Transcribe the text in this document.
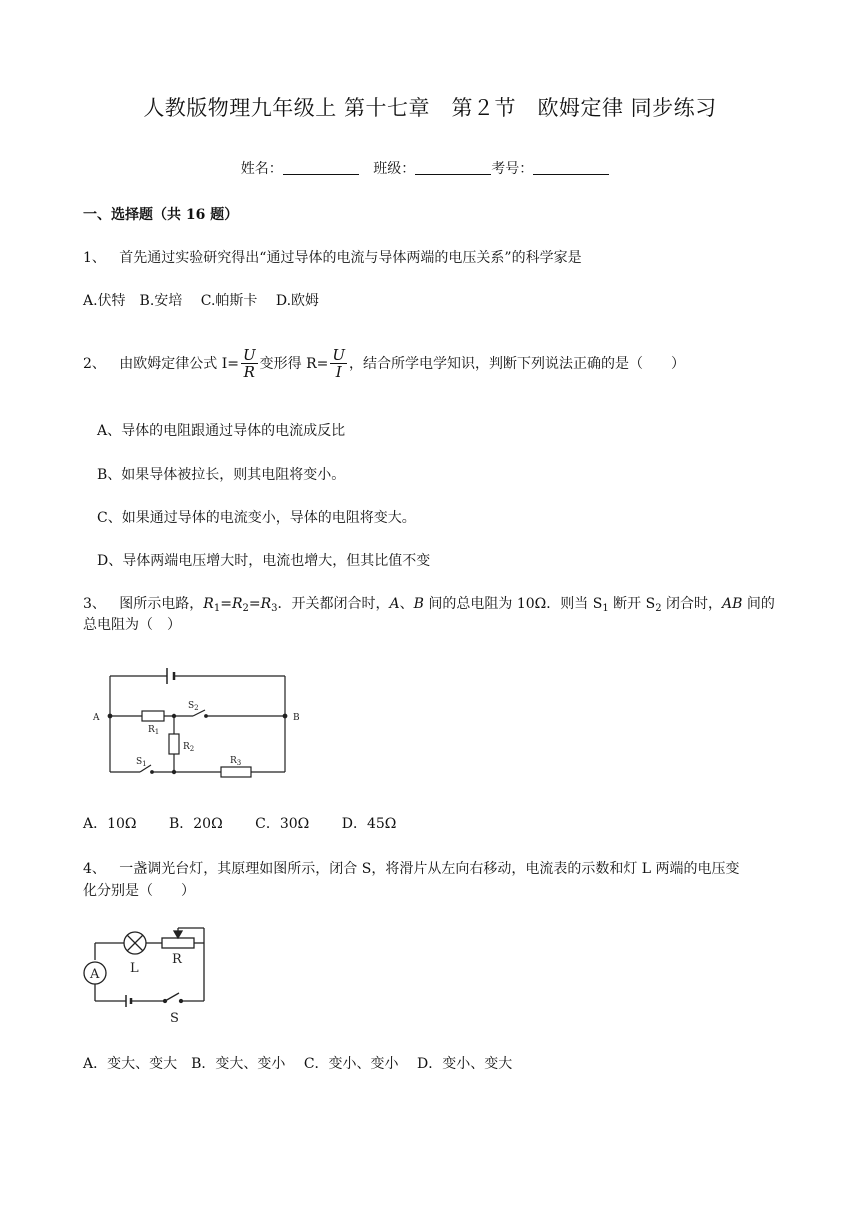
人教版物理九年级上 第十七章　第２节　欧姆定律 同步练习
姓名：	班级：	考号：
一、选择题（共 16 题）
1、 首先通过实验研究得出“通过导体的电流与导体两端的电压关系”的科学家是
A.伏特　B.安培　 C.帕斯卡　 D.欧姆
2、
由欧姆定律公式 $I= \frac{U}{R}$ 变形得 $R= \frac{U}{I}$ ，结合所学电学知识，判断下列说法正确的是（　　）
A、导体的电阻跟通过导体的电流成反比
B、如果导体被拉长，则其电阻将变小。
C、如果通过导体的电流变小，导体的电阻将变大。
D、导体两端电压增大时，电流也增大，但其比值不变
3、 图所示电路，$R_1=R_2=R_3$．开关都闭合时，A、B 间的总电阻为 10Ω．则当 $S_1$ 断开 $S_2$ 闭合时，AB 间的
总电阻为（　）
A	B
$R_1$
$R_2$
$R_3$
$S_2$
$S_1$
A．10Ω　　 B．20Ω　　 C．30Ω　　 D．45Ω
4、 一盏调光台灯，其原理如图所示，闭合 S，将滑片从左向右移动，电流表的示数和灯 L 两端的电压变
化分别是（　　）
A L
R
S
A．变大、变大　B．变大、变小　 C．变小、变小　 D．变小、变大
